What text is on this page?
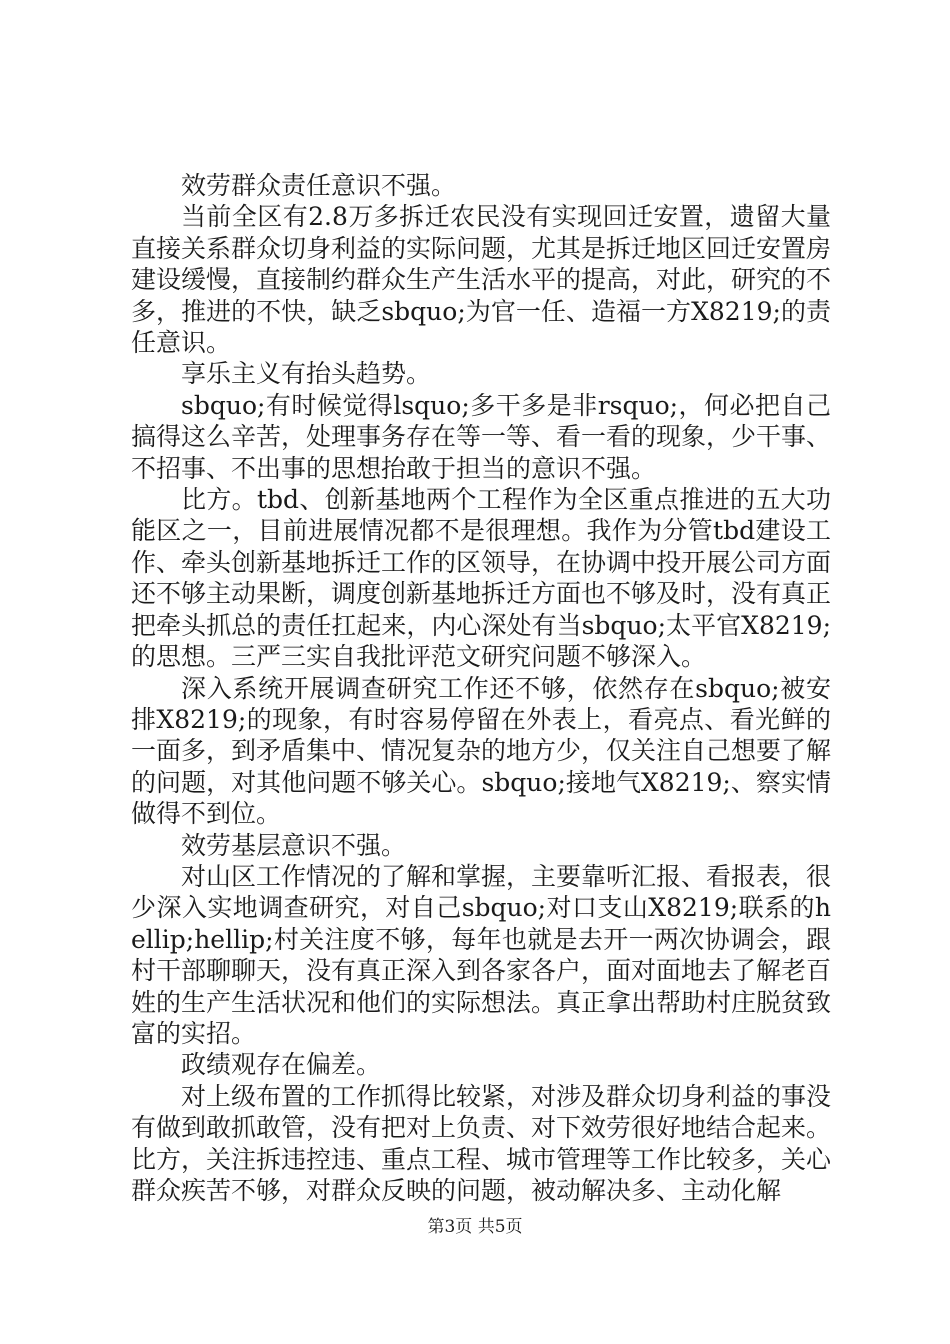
效劳群众责任意识不强。

当前全区有2.8万多拆迁农民没有实现回迁安置，遗留大量直接关系群众切身利益的实际问题，尤其是拆迁地区回迁安置房建设缓慢，直接制约群众生产生活水平的提高，对此，研究的不多，推进的不快，缺乏sbquo;为官一任、造福一方X8219;的责任意识。

享乐主义有抬头趋势。

sbquo;有时候觉得lsquo;多干多是非rsquo;，何必把自己搞得这么辛苦，处理事务存在等一等、看一看的现象，少干事、不招事、不出事的思想抬敢于担当的意识不强。

比方。tbd、创新基地两个工程作为全区重点推进的五大功能区之一，目前进展情况都不是很理想。我作为分管tbd建设工作、牵头创新基地拆迁工作的区领导，在协调中投开展公司方面还不够主动果断，调度创新基地拆迁方面也不够及时，没有真正把牵头抓总的责任扛起来，内心深处有当sbquo;太平官X8219;的思想。三严三实自我批评范文研究问题不够深入。

深入系统开展调查研究工作还不够，依然存在sbquo;被安排X8219;的现象，有时容易停留在外表上，看亮点、看光鲜的一面多，到矛盾集中、情况复杂的地方少，仅关注自己想要了解的问题，对其他问题不够关心。sbquo;接地气X8219;、察实情做得不到位。

效劳基层意识不强。

对山区工作情况的了解和掌握，主要靠听汇报、看报表，很少深入实地调查研究，对自己sbquo;对口支山X8219;联系的hellip;hellip;村关注度不够，每年也就是去开一两次协调会，跟村干部聊聊天，没有真正深入到各家各户，面对面地去了解老百姓的生产生活状况和他们的实际想法。真正拿出帮助村庄脱贫致富的实招。

政绩观存在偏差。

对上级布置的工作抓得比较紧，对涉及群众切身利益的事没有做到敢抓敢管，没有把对上负责、对下效劳很好地结合起来。比方，关注拆违控违、重点工程、城市管理等工作比较多，关心群众疾苦不够，对群众反映的问题，被动解决多、主动化解

第3页 共5页
